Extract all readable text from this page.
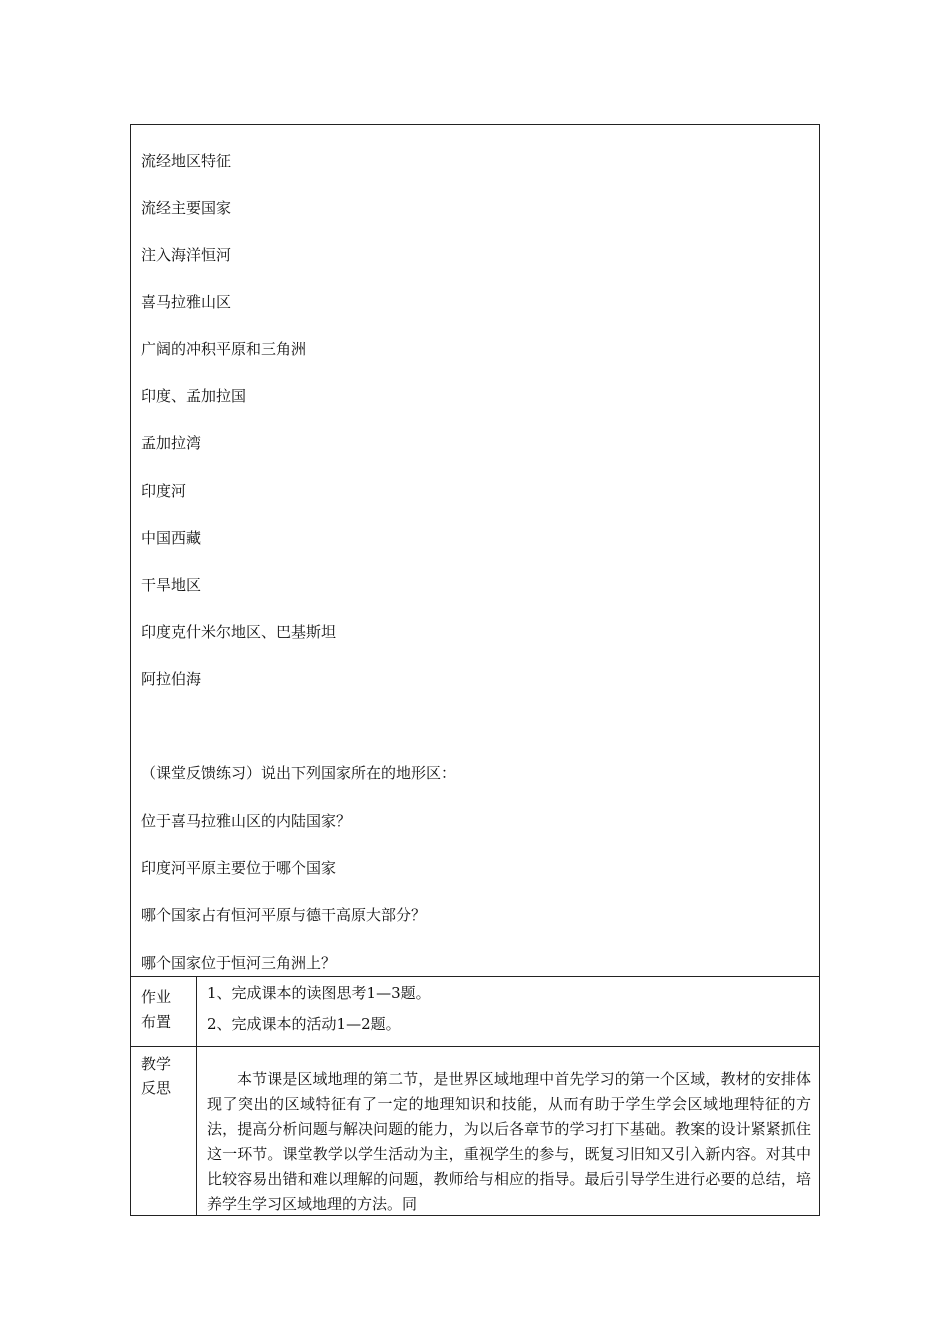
流经地区特征
流经主要国家
注入海洋恒河
喜马拉雅山区
广阔的冲积平原和三角洲
印度、孟加拉国
孟加拉湾
印度河
中国西藏
干旱地区
印度克什米尔地区、巴基斯坦
阿拉伯海
（课堂反馈练习）说出下列国家所在的地形区：
位于喜马拉雅山区的内陆国家？
印度河平原主要位于哪个国家
哪个国家占有恒河平原与德干高原大部分？
哪个国家位于恒河三角洲上？
作业
布置
1、完成课本的读图思考1—3题。
2、完成课本的活动1—2题。
教学
反思	本节课是区域地理的第二节，是世界区域地理中首先学习的第一个区域，教材的安排体现了突出的区域特征有了一定的地理知识和技能，从而有助于学生学会区域地理特征的方法，提高分析问题与解决问题的能力，为以后各章节的学习打下基础。教案的设计紧紧抓住这一环节。课堂教学以学生活动为主，重视学生的参与，既复习旧知又引入新内容。对其中比较容易出错和难以理解的问题，教师给与相应的指导。最后引导学生进行必要的总结，培养学生学习区域地理的方法。同
